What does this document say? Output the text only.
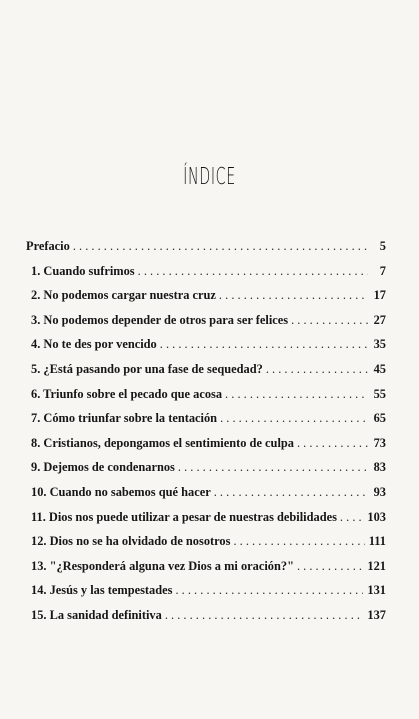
ÍNDICE
Prefacio . . .	5
1. Cuando sufrimos . . .	7
2. No podemos cargar nuestra cruz . . .	17
3. No podemos depender de otros para ser felices . . .	27
4. No te des por vencido . . .	35
5. ¿Está pasando por una fase de sequedad? . . .	45
6. Triunfo sobre el pecado que acosa . . .	55
7. Cómo triunfar sobre la tentación . . .	65
8. Cristianos, depongamos el sentimiento de culpa . . .	73
9. Dejemos de condenarnos . . .	83
10. Cuando no sabemos qué hacer . . .	93
11. Dios nos puede utilizar a pesar de nuestras debilidades . . . 103
12. Dios no se ha olvidado de nosotros . . .	111
13. "¿Responderá alguna vez Dios a mi oración?" . . .	121
14. Jesús y las tempestades . . .	131
15. La sanidad definitiva . . .	137
